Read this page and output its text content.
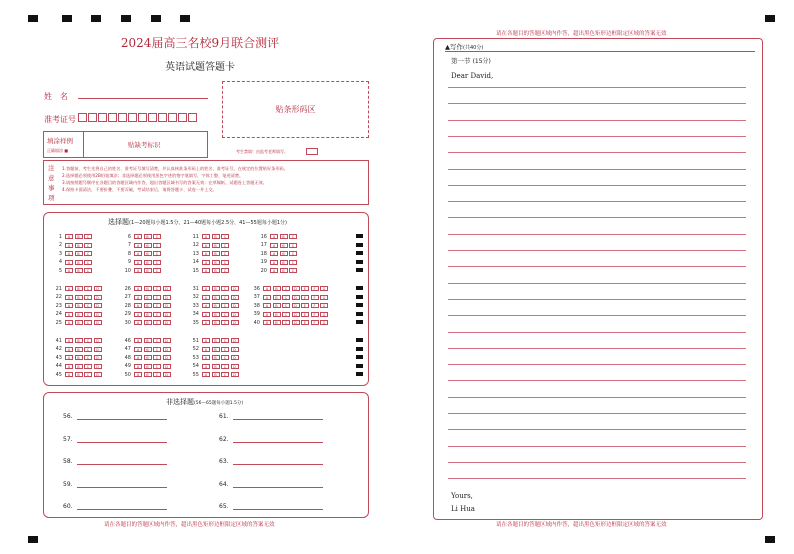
2024届高三名校9月联合测评
英语试题答题卡
姓　名
准考证号
贴条形码区
填涂样例
正确填涂 ■
贴缺考标识
考生禁填！由监考老师填写。
注
意
事
项
1.答题前，考生先将自己的姓名、准考证号填写清楚，并认真核准条形码上的姓名、准考证号，在规定的位置贴好条形码。
2.选择题必须使用2B铅笔填涂；非选择题必须使用黑色字迹的签字笔填写，字体工整、笔迹清楚。
3.请按照题号顺序在各题目的答题区域内作答，超出答题区域书写的答案无效；在草稿纸、试题卷上答题无效。
4.保持卡面清洁，不要折叠、不要弄破，考试结束后，请将答题卡、试卷一并上交。
选择题(1—20题每小题1.5分，21—40题每小题2.5分，41—55题每小题1分)
1	A	B	C
2	A	B	C
3	A	B	C
4	A	B	C
5	A	B	C
6	A	B	C
7	A	B	C
8	A	B	C
9	A	B	C
10	A	B	C
11	A	B	C
12	A	B	C
13	A	B	C
14	A	B	C
15	A	B	C
16	A	B	C
17	A	B	C
18	A	B	C
19	A	B	C
20	A	B	C
21	A	B	C	D
22	A	B	C	D
23	A	B	C	D
24	A	B	C	D
25	A	B	C	D
26	A	B	C	D
27	A	B	C	D
28	A	B	C	D
29	A	B	C	D
30	A	B	C	D
31	A	B	C	D
32	A	B	C	D
33	A	B	C	D
34	A	B	C	D
35	A	B	C	D
36	A	B	C	D	E	F	G
37	A	B	C	D	E	F	G
38	A	B	C	D	E	F	G
39	A	B	C	D	E	F	G
40	A	B	C	D	E	F	G
41	A	B	C	D
42	A	B	C	D
43	A	B	C	D
44	A	B	C	D
45	A	B	C	D
46	A	B	C	D
47	A	B	C	D
48	A	B	C	D
49	A	B	C	D
50	A	B	C	D
51	A	B	C	D
52	A	B	C	D
53	A	B	C	D
54	A	B	C	D
55	A	B	C	D
非选择题(56—65题每小题1.5分)
56.
57.
58.
59.
60.
61.
62.
63.
64.
65.
请在各题目的答题区域内作答，超出黑色矩形边框限定区域的答案无效
请在各题目的答题区域内作答，超出黑色矩形边框限定区域的答案无效
▲写作(共40分)
第一节 (15分)
Dear David,
Yours,
Li Hua
请在各题目的答题区域内作答，超出黑色矩形边框限定区域的答案无效
